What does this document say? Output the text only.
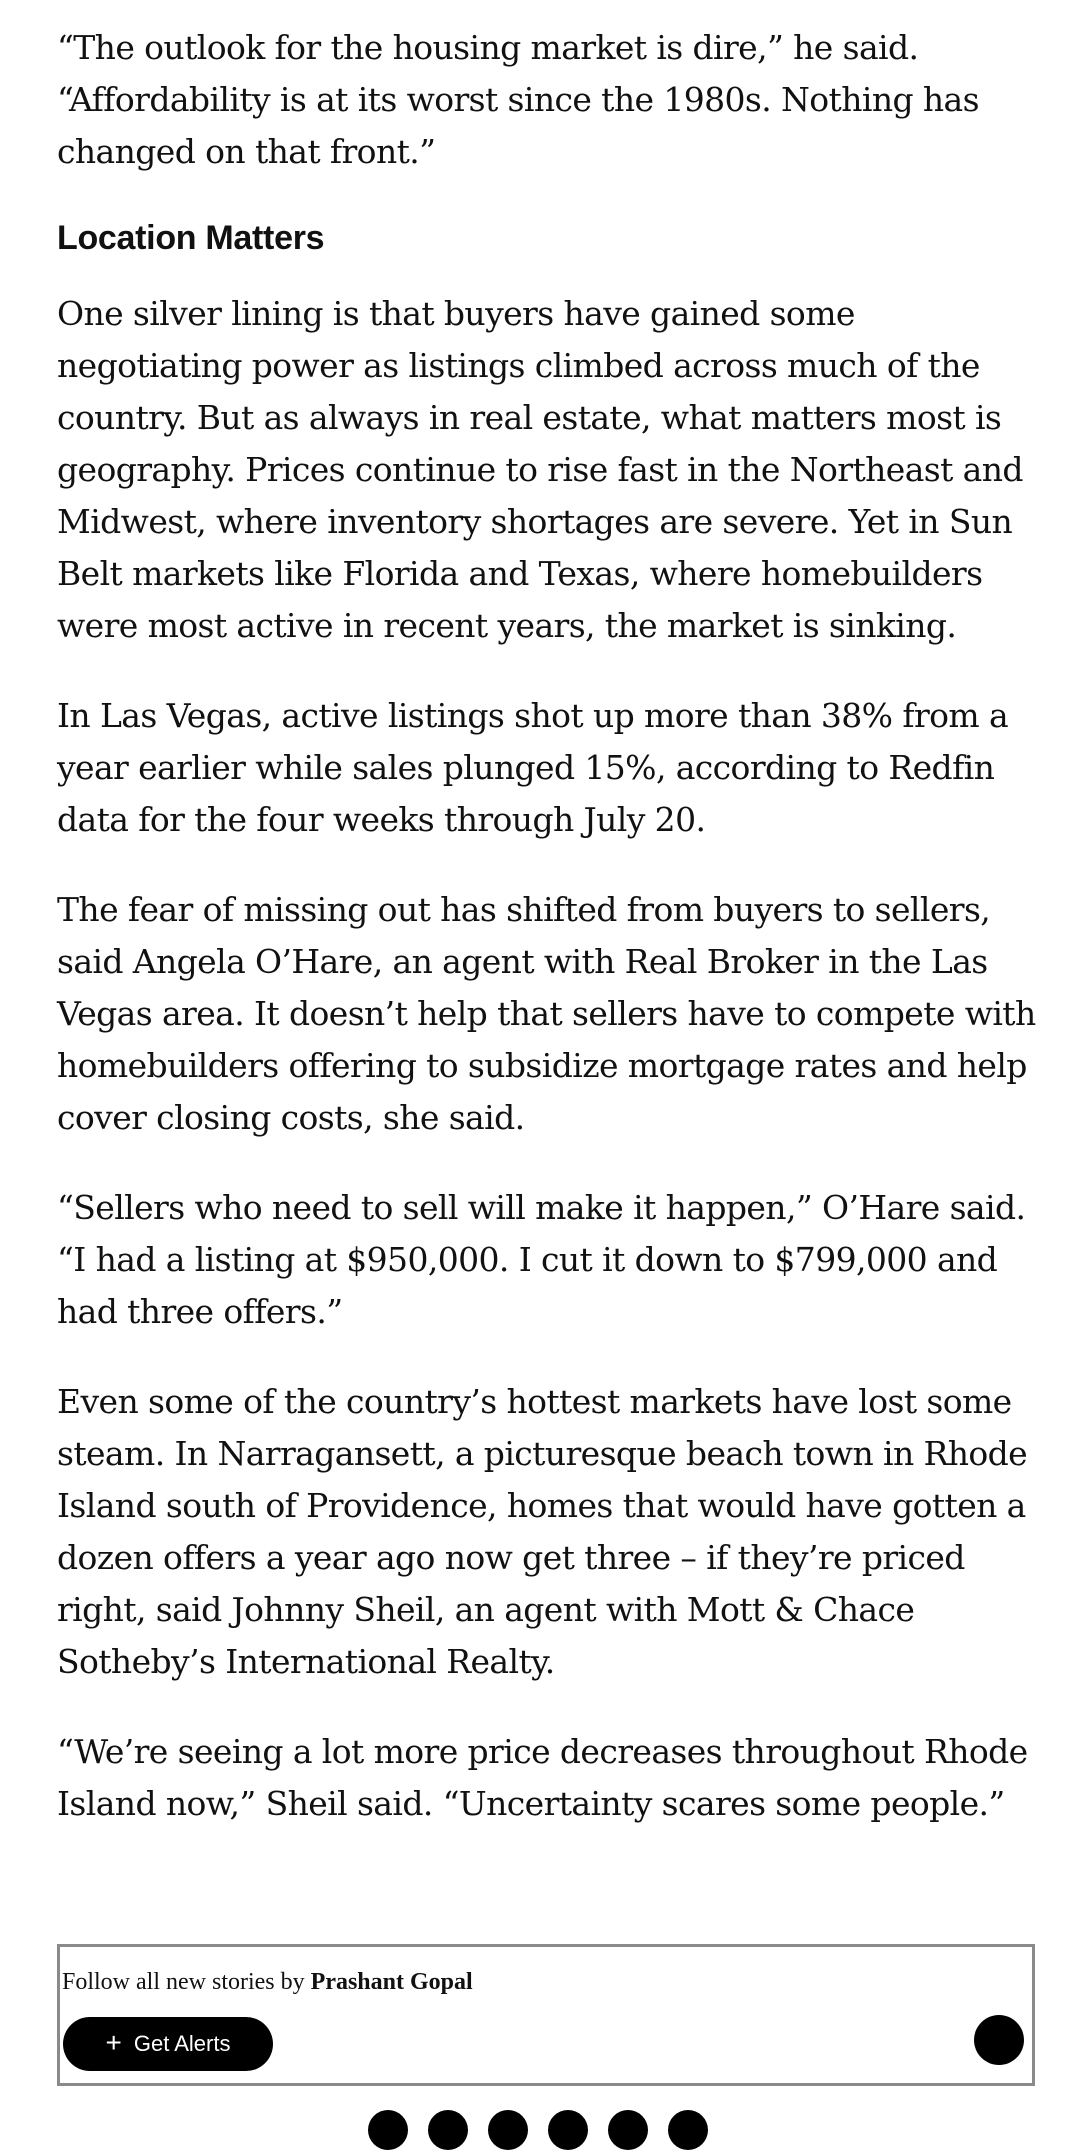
“The outlook for the housing market is dire,” he said. “Affordability is at its worst since the 1980s. Nothing has changed on that front.”

Location Matters

One silver lining is that buyers have gained some negotiating power as listings climbed across much of the country. But as always in real estate, what matters most is geography. Prices continue to rise fast in the Northeast and Midwest, where inventory shortages are severe. Yet in Sun Belt markets like Florida and Texas, where homebuilders were most active in recent years, the market is sinking.

In Las Vegas, active listings shot up more than 38% from a year earlier while sales plunged 15%, according to Redfin data for the four weeks through July 20.

The fear of missing out has shifted from buyers to sellers, said Angela O’Hare, an agent with Real Broker in the Las Vegas area. It doesn’t help that sellers have to compete with homebuilders offering to subsidize mortgage rates and help cover closing costs, she said.

“Sellers who need to sell will make it happen,” O’Hare said. “I had a listing at $950,000. I cut it down to $799,000 and had three offers.”

Even some of the country’s hottest markets have lost some steam. In Narragansett, a picturesque beach town in Rhode Island south of Providence, homes that would have gotten a dozen offers a year ago now get three – if they’re priced right, said Johnny Sheil, an agent with Mott & Chace Sotheby’s International Realty.

“We’re seeing a lot more price decreases throughout Rhode Island now,” Sheil said. “Uncertainty scares some people.”

Follow all new stories by Prashant Gopal
+ Get Alerts
